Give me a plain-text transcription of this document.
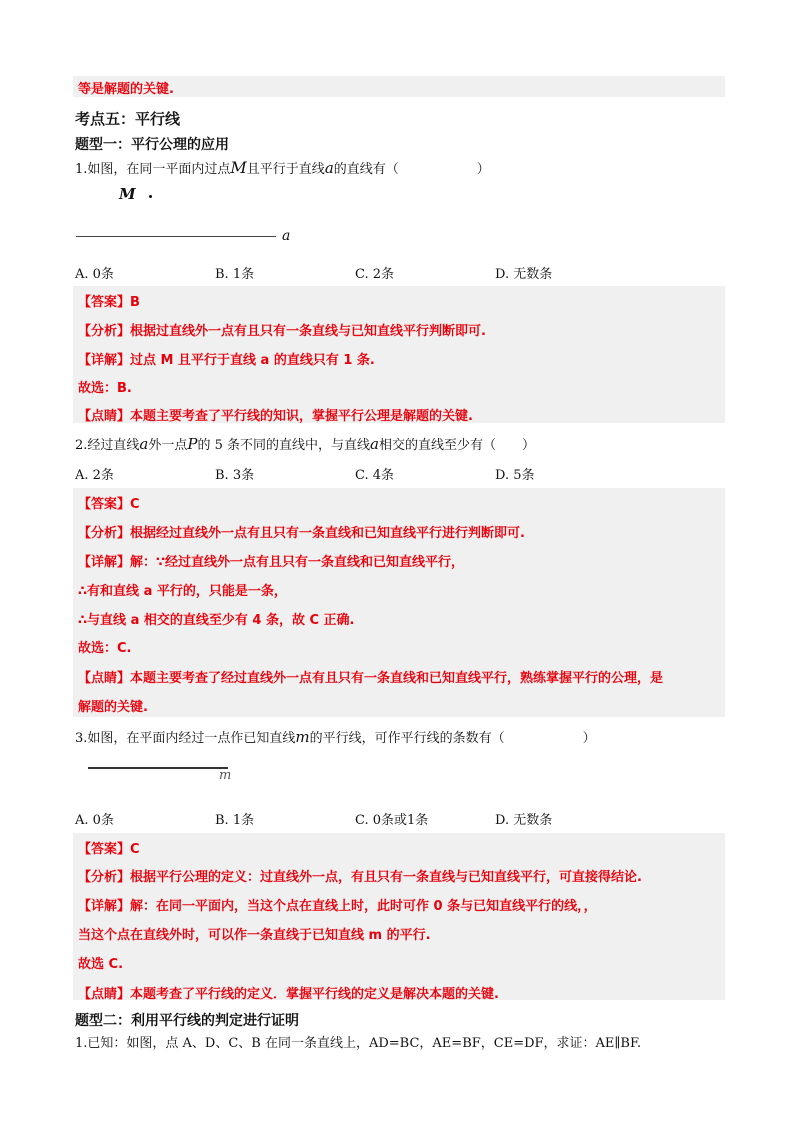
等是解题的关键.
考点五：平行线
题型一：平行公理的应用
1.如图，在同一平面内过点M且平行于直线a的直线有（　　　　　　）
M
a
A. 0条	B. 1条	C. 2条	D. 无数条
【答案】B
【分析】根据过直线外一点有且只有一条直线与已知直线平行判断即可.
【详解】过点 M 且平行于直线 a 的直线只有 1 条.
故选：B.
【点睛】本题主要考查了平行线的知识，掌握平行公理是解题的关键.
2.经过直线a外一点P的 5 条不同的直线中，与直线a相交的直线至少有（　　）
A. 2条	B. 3条	C. 4条	D. 5条
【答案】C
【分析】根据经过直线外一点有且只有一条直线和已知直线平行进行判断即可.
【详解】解：∵经过直线外一点有且只有一条直线和已知直线平行，
∴有和直线 a 平行的，只能是一条，
∴与直线 a 相交的直线至少有 4 条，故 C 正确.
故选：C.
【点睛】本题主要考查了经过直线外一点有且只有一条直线和已知直线平行，熟练掌握平行的公理，是
解题的关键.
3.如图，在平面内经过一点作已知直线m的平行线，可作平行线的条数有（　　　　　　）
m
A. 0条	B. 1条	C. 0条或1条	D. 无数条
【答案】C
【分析】根据平行公理的定义：过直线外一点，有且只有一条直线与已知直线平行，可直接得结论.
【详解】解：在同一平面内，当这个点在直线上时，此时可作 0 条与已知直线平行的线，，
当这个点在直线外时，可以作一条直线于已知直线 m 的平行.
故选 C.
【点睛】本题考查了平行线的定义．掌握平行线的定义是解决本题的关键.
题型二：利用平行线的判定进行证明
1.已知：如图，点 A、D、C、B 在同一条直线上，AD=BC，AE=BF，CE=DF，求证：AE∥BF.
